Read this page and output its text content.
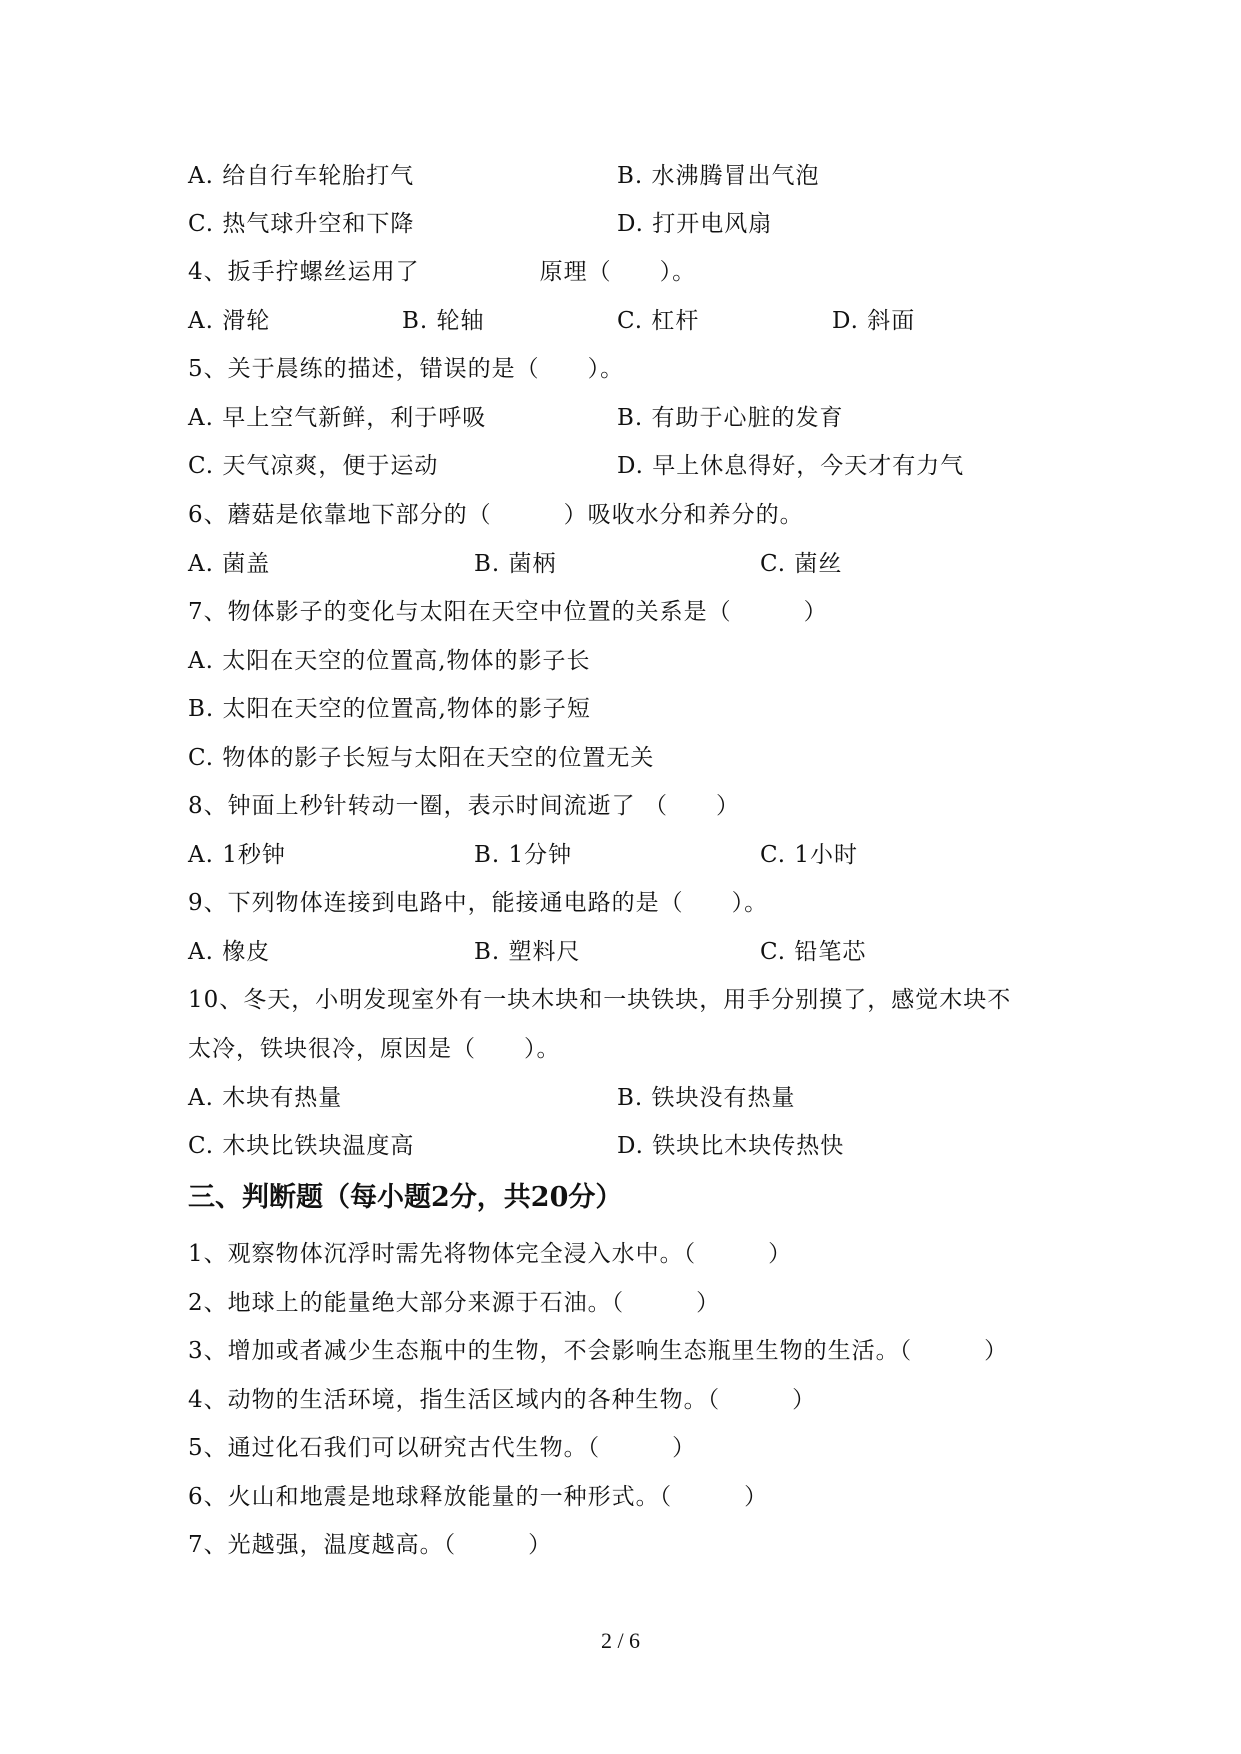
A. 给自行车轮胎打气	B. 水沸腾冒出气泡
C. 热气球升空和下降	D. 打开电风扇
4、扳手拧螺丝运用了　　　　　原理（　　）。
A. 滑轮	B. 轮轴	C. 杠杆	D. 斜面
5、关于晨练的描述，错误的是（　　）。
A. 早上空气新鲜，利于呼吸	B. 有助于心脏的发育
C. 天气凉爽，便于运动	D. 早上休息得好，今天才有力气
6、蘑菇是依靠地下部分的（　　　）吸收水分和养分的。
A. 菌盖	B. 菌柄	C. 菌丝
7、物体影子的变化与太阳在天空中位置的关系是（　　　）
A. 太阳在天空的位置高,物体的影子长
B. 太阳在天空的位置高,物体的影子短
C. 物体的影子长短与太阳在天空的位置无关
8、钟面上秒针转动一圈，表示时间流逝了 （　　）
A. 1秒钟	B. 1分钟	C. 1小时
9、下列物体连接到电路中，能接通电路的是（　　）。
A. 橡皮	B. 塑料尺	C. 铅笔芯
10、冬天，小明发现室外有一块木块和一块铁块，用手分别摸了，感觉木块不
太冷，铁块很冷，原因是（　　）。
A. 木块有热量	B. 铁块没有热量
C. 木块比铁块温度高	D. 铁块比木块传热快
三、判断题（每小题2分，共20分）
1、观察物体沉浮时需先将物体完全浸入水中。（　　　）
2、地球上的能量绝大部分来源于石油。（　　　）
3、增加或者减少生态瓶中的生物，不会影响生态瓶里生物的生活。（　　　）
4、动物的生活环境，指生活区域内的各种生物。（　　　）
5、通过化石我们可以研究古代生物。（　　　）
6、火山和地震是地球释放能量的一种形式。（　　　）
7、光越强，温度越高。（　　　）
2 / 6
